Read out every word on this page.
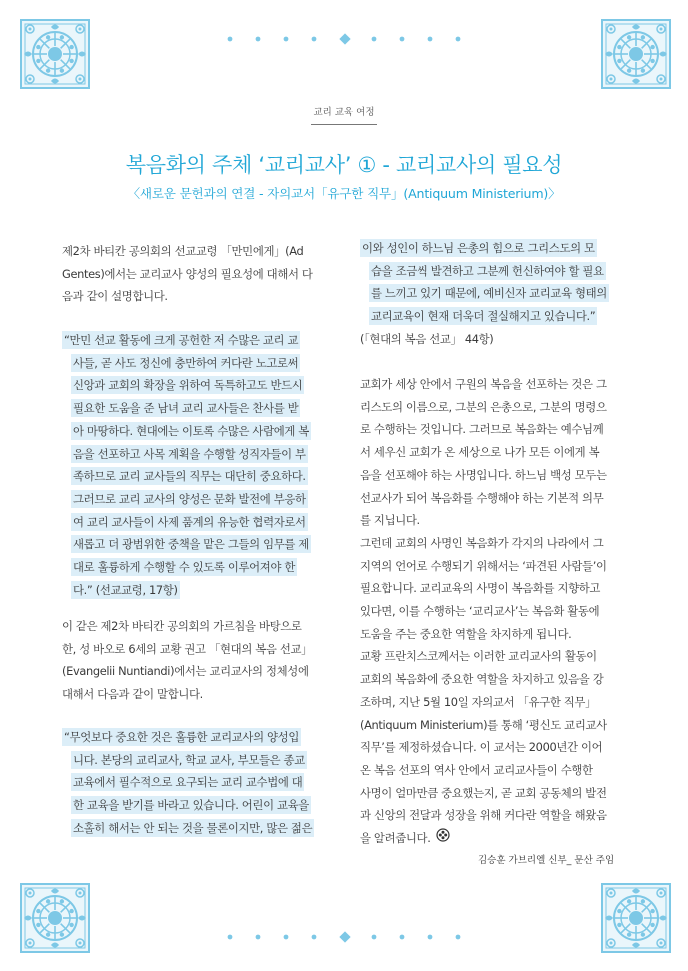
교리 교육 여정
복음화의 주체 ‘교리교사’ ① - 교리교사의 필요성
〈새로운 문헌과의 연결 - 자의교서「유구한 직무」(Antiquum Ministerium)〉
제2차 바티칸 공의회의 선교교령 「만민에게」(Ad
Gentes)에서는 교리교사 양성의 필요성에 대해서 다
음과 같이 설명합니다.
“만민 선교 활동에 크게 공헌한 저 수많은 교리 교
사들, 곧 사도 정신에 충만하여 커다란 노고로써
신앙과 교회의 확장을 위하여 독특하고도 반드시
필요한 도움을 준 남녀 교리 교사들은 찬사를 받
아 마땅하다. 현대에는 이토록 수많은 사람에게 복
음을 선포하고 사목 계획을 수행할 성직자들이 부
족하므로 교리 교사들의 직무는 대단히 중요하다.
그러므로 교리 교사의 양성은 문화 발전에 부응하
여 교리 교사들이 사제 품계의 유능한 협력자로서
새롭고 더 광범위한 중책을 맡은 그들의 임무를 제
대로 훌륭하게 수행할 수 있도록 이루어져야 한
다.” (선교교령, 17항)
이 같은 제2차 바티칸 공의회의 가르침을 바탕으로
한, 성 바오로 6세의 교황 권고 「현대의 복음 선교」
(Evangelii Nuntiandi)에서는 교리교사의 정체성에
대해서 다음과 같이 말합니다.
“무엇보다 중요한 것은 훌륭한 교리교사의 양성입
니다. 본당의 교리교사, 학교 교사, 부모들은 종교
교육에서 필수적으로 요구되는 교리 교수법에 대
한 교육을 받기를 바라고 있습니다. 어린이 교육을
소홀히 해서는 안 되는 것을 물론이지만, 많은 젊은
이와 성인이 하느님 은총의 힘으로 그리스도의 모
습을 조금씩 발견하고 그분께 헌신하여야 할 필요
를 느끼고 있기 때문에, 예비신자 교리교육 형태의
교리교육이 현재 더욱더 절실해지고 있습니다.”
(「현대의 복음 선교」 44항)
교회가 세상 안에서 구원의 복음을 선포하는 것은 그
리스도의 이름으로, 그분의 은총으로, 그분의 명령으
로 수행하는 것입니다. 그러므로 복음화는 예수님께
서 세우신 교회가 온 세상으로 나가 모든 이에게 복
음을 선포해야 하는 사명입니다. 하느님 백성 모두는
선교사가 되어 복음화를 수행해야 하는 기본적 의무
를 지닙니다.
그런데 교회의 사명인 복음화가 각지의 나라에서 그
지역의 언어로 수행되기 위해서는 ‘파견된 사람들’이
필요합니다. 교리교육의 사명이 복음화를 지향하고
있다면, 이를 수행하는 ‘교리교사’는 복음화 활동에
도움을 주는 중요한 역할을 차지하게 됩니다.
교황 프란치스코께서는 이러한 교리교사의 활동이
교회의 복음화에 중요한 역할을 차지하고 있음을 강
조하며, 지난 5월 10일 자의교서 「유구한 직무」
(Antiquum Ministerium)를 통해 ‘평신도 교리교사
직무’를 제정하셨습니다. 이 교서는 2000년간 이어
온 복음 선포의 역사 안에서 교리교사들이 수행한
사명이 얼마만큼 중요했는지, 곧 교회 공동체의 발전
과 신앙의 전달과 성장을 위해 커다란 역할을 해왔음
을 알려줍니다.
김승훈 가브리엘 신부_ 문산 주임
